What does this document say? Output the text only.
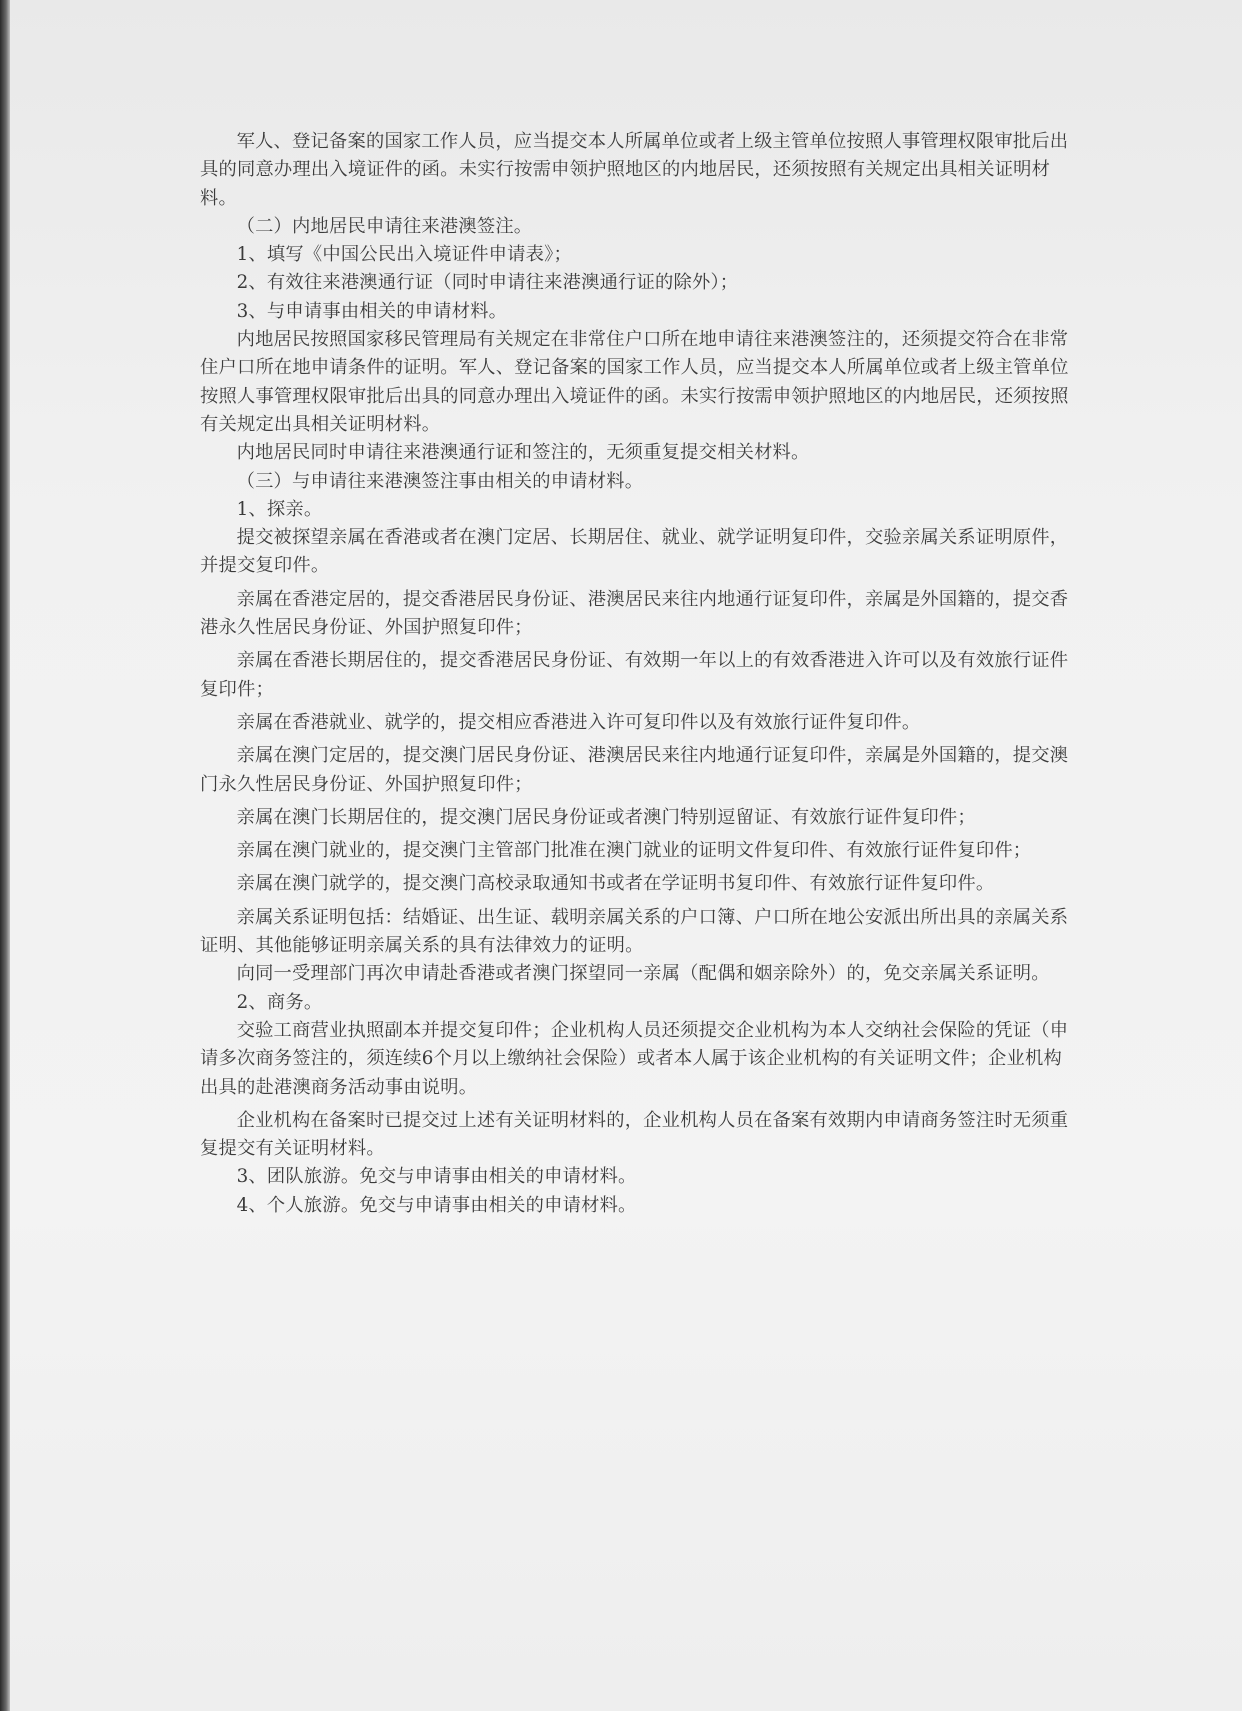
军人、登记备案的国家工作人员，应当提交本人所属单位或者上级主管单位按照人事管理权限审批后出具的同意办理出入境证件的函。未实行按需申领护照地区的内地居民，还须按照有关规定出具相关证明材料。

（二）内地居民申请往来港澳签注。

1、填写《中国公民出入境证件申请表》；

2、有效往来港澳通行证（同时申请往来港澳通行证的除外）；

3、与申请事由相关的申请材料。

内地居民按照国家移民管理局有关规定在非常住户口所在地申请往来港澳签注的，还须提交符合在非常住户口所在地申请条件的证明。军人、登记备案的国家工作人员，应当提交本人所属单位或者上级主管单位按照人事管理权限审批后出具的同意办理出入境证件的函。未实行按需申领护照地区的内地居民，还须按照有关规定出具相关证明材料。

内地居民同时申请往来港澳通行证和签注的，无须重复提交相关材料。

（三）与申请往来港澳签注事由相关的申请材料。

1、探亲。

提交被探望亲属在香港或者在澳门定居、长期居住、就业、就学证明复印件，交验亲属关系证明原件，并提交复印件。

亲属在香港定居的，提交香港居民身份证、港澳居民来往内地通行证复印件，亲属是外国籍的，提交香港永久性居民身份证、外国护照复印件；

亲属在香港长期居住的，提交香港居民身份证、有效期一年以上的有效香港进入许可以及有效旅行证件复印件；

亲属在香港就业、就学的，提交相应香港进入许可复印件以及有效旅行证件复印件。

亲属在澳门定居的，提交澳门居民身份证、港澳居民来往内地通行证复印件，亲属是外国籍的，提交澳门永久性居民身份证、外国护照复印件；

亲属在澳门长期居住的，提交澳门居民身份证或者澳门特别逗留证、有效旅行证件复印件；

亲属在澳门就业的，提交澳门主管部门批准在澳门就业的证明文件复印件、有效旅行证件复印件；

亲属在澳门就学的，提交澳门高校录取通知书或者在学证明书复印件、有效旅行证件复印件。

亲属关系证明包括：结婚证、出生证、载明亲属关系的户口簿、户口所在地公安派出所出具的亲属关系证明、其他能够证明亲属关系的具有法律效力的证明。

向同一受理部门再次申请赴香港或者澳门探望同一亲属（配偶和姻亲除外）的，免交亲属关系证明。

2、商务。

交验工商营业执照副本并提交复印件；企业机构人员还须提交企业机构为本人交纳社会保险的凭证（申请多次商务签注的，须连续6个月以上缴纳社会保险）或者本人属于该企业机构的有关证明文件；企业机构出具的赴港澳商务活动事由说明。

企业机构在备案时已提交过上述有关证明材料的，企业机构人员在备案有效期内申请商务签注时无须重复提交有关证明材料。

3、团队旅游。免交与申请事由相关的申请材料。

4、个人旅游。免交与申请事由相关的申请材料。
